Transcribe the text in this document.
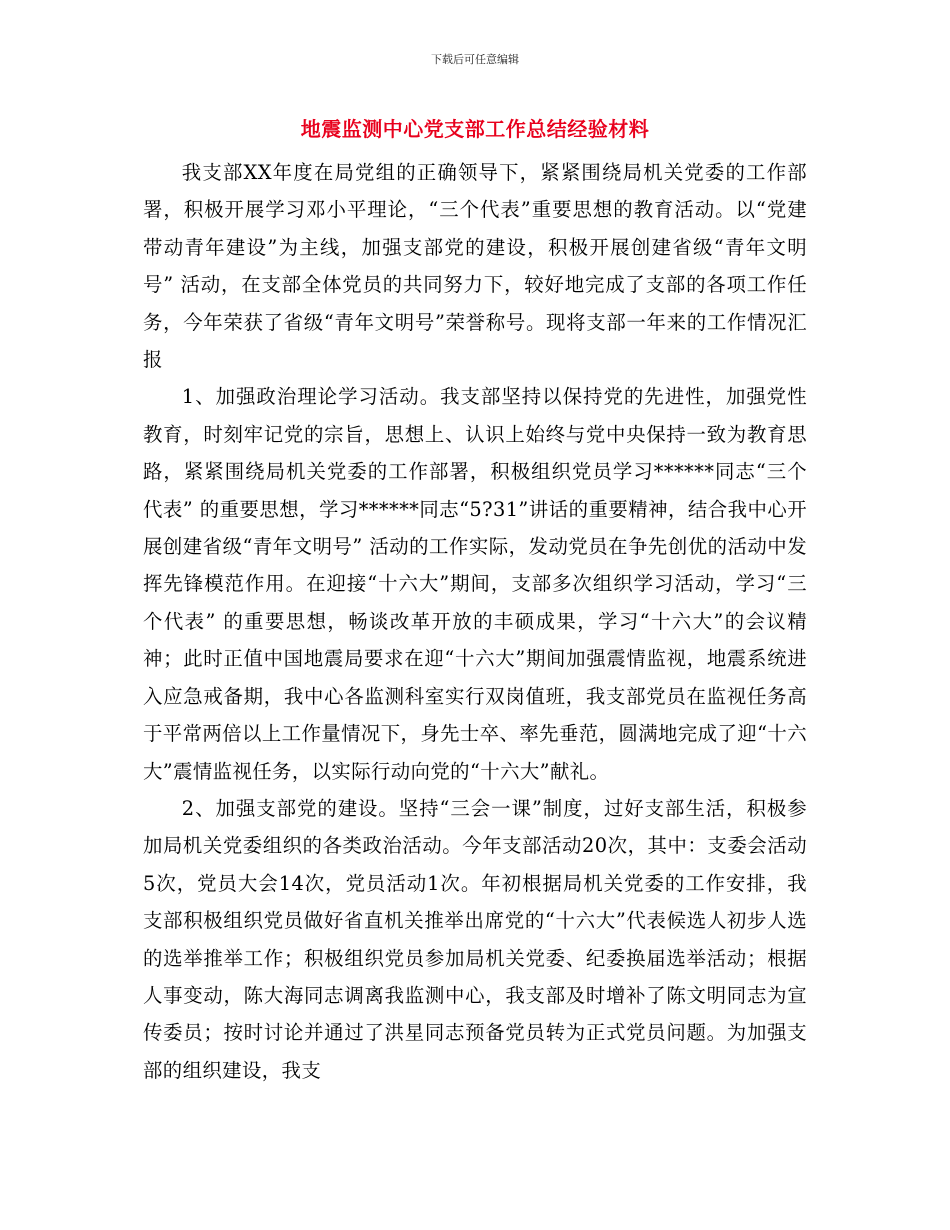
下载后可任意编辑
地震监测中心党支部工作总结经验材料

我支部XX年度在局党组的正确领导下，紧紧围绕局机关党委的工作部署，积极开展学习邓小平理论，“三个代表”重要思想的教育活动。以“党建带动青年建设”为主线，加强支部党的建设，积极开展创建省级“青年文明号” 活动，在支部全体党员的共同努力下，较好地完成了支部的各项工作任务，今年荣获了省级“青年文明号”荣誉称号。现将支部一年来的工作情况汇报

1、加强政治理论学习活动。我支部坚持以保持党的先进性，加强党性教育，时刻牢记党的宗旨，思想上、认识上始终与党中央保持一致为教育思路，紧紧围绕局机关党委的工作部署，积极组织党员学习******同志“三个代表” 的重要思想，学习******同志“5?31”讲话的重要精神，结合我中心开展创建省级“青年文明号” 活动的工作实际，发动党员在争先创优的活动中发挥先锋模范作用。在迎接“十六大”期间，支部多次组织学习活动，学习“三个代表” 的重要思想，畅谈改革开放的丰硕成果，学习“十六大”的会议精神；此时正值中国地震局要求在迎“十六大”期间加强震情监视，地震系统进入应急戒备期，我中心各监测科室实行双岗值班，我支部党员在监视任务高于平常两倍以上工作量情况下，身先士卒、率先垂范，圆满地完成了迎“十六大”震情监视任务，以实际行动向党的“十六大”献礼。

2、加强支部党的建设。坚持“三会一课”制度，过好支部生活，积极参加局机关党委组织的各类政治活动。今年支部活动20次，其中：支委会活动5次，党员大会14次，党员活动1次。年初根据局机关党委的工作安排，我支部积极组织党员做好省直机关推举出席党的“十六大”代表候选人初步人选的选举推举工作；积极组织党员参加局机关党委、纪委换届选举活动；根据人事变动，陈大海同志调离我监测中心，我支部及时增补了陈文明同志为宣传委员；按时讨论并通过了洪星同志预备党员转为正式党员问题。为加强支部的组织建设，我支
